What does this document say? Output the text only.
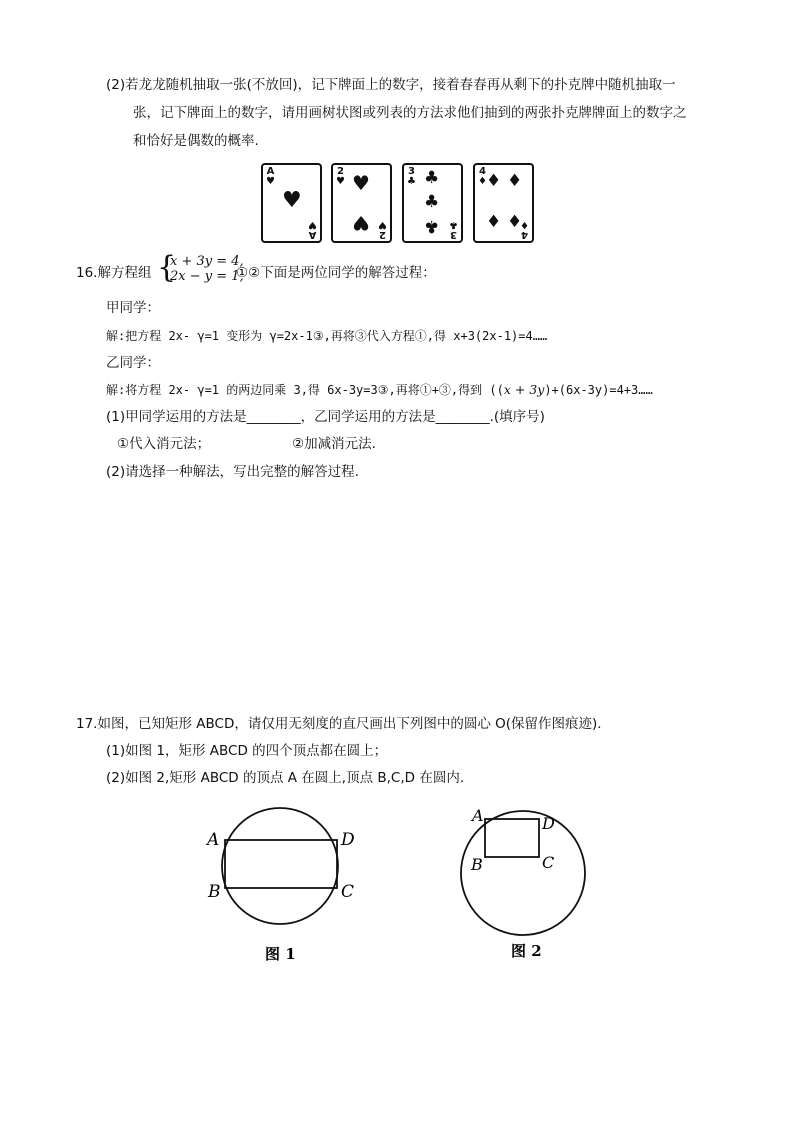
(2)若龙龙随机抽取一张(不放回)，记下牌面上的数字，接着春春再从剩下的扑克牌中随机抽取一
张，记下牌面上的数字，请用画树状图或列表的方法求他们抽到的两张扑克牌牌面上的数字之
和恰好是偶数的概率.
A
♥
♥
A
♥
2
♥ ♥
♥ 2
♥
3
♣ ♣
♣
♣ 3
♣
4
♦ ♦ ♦
♦ ♦
4
♦
16.解方程组 {
x + 3y = 4,
2x − y = 1,
①②下面是两位同学的解答过程：
甲同学：
解:把方程 2x- γ=1 变形为 γ=2x-1③,再将③代入方程①,得 x+3(2x-1)=4……
乙同学：
解:将方程 2x- γ=1 的两边同乘 3,得 6x-3y=3③,再将①+③,得到 ((x + 3y)+(6x-3y)=4+3……
(1)甲同学运用的方法是________，乙同学运用的方法是________.(填序号)
①代入消元法；	②加减消元法.
(2)请选择一种解法，写出完整的解答过程.
17.如图，已知矩形 ABCD，请仅用无刻度的直尺画出下列图中的圆心 O(保留作图痕迹).
(1)如图 1，矩形 ABCD 的四个顶点都在圆上；
(2)如图 2,矩形 ABCD 的顶点 A 在圆上,顶点 B,C,D 在圆内.
A	D
B	C
图 1
A	D
B	C
图 2
